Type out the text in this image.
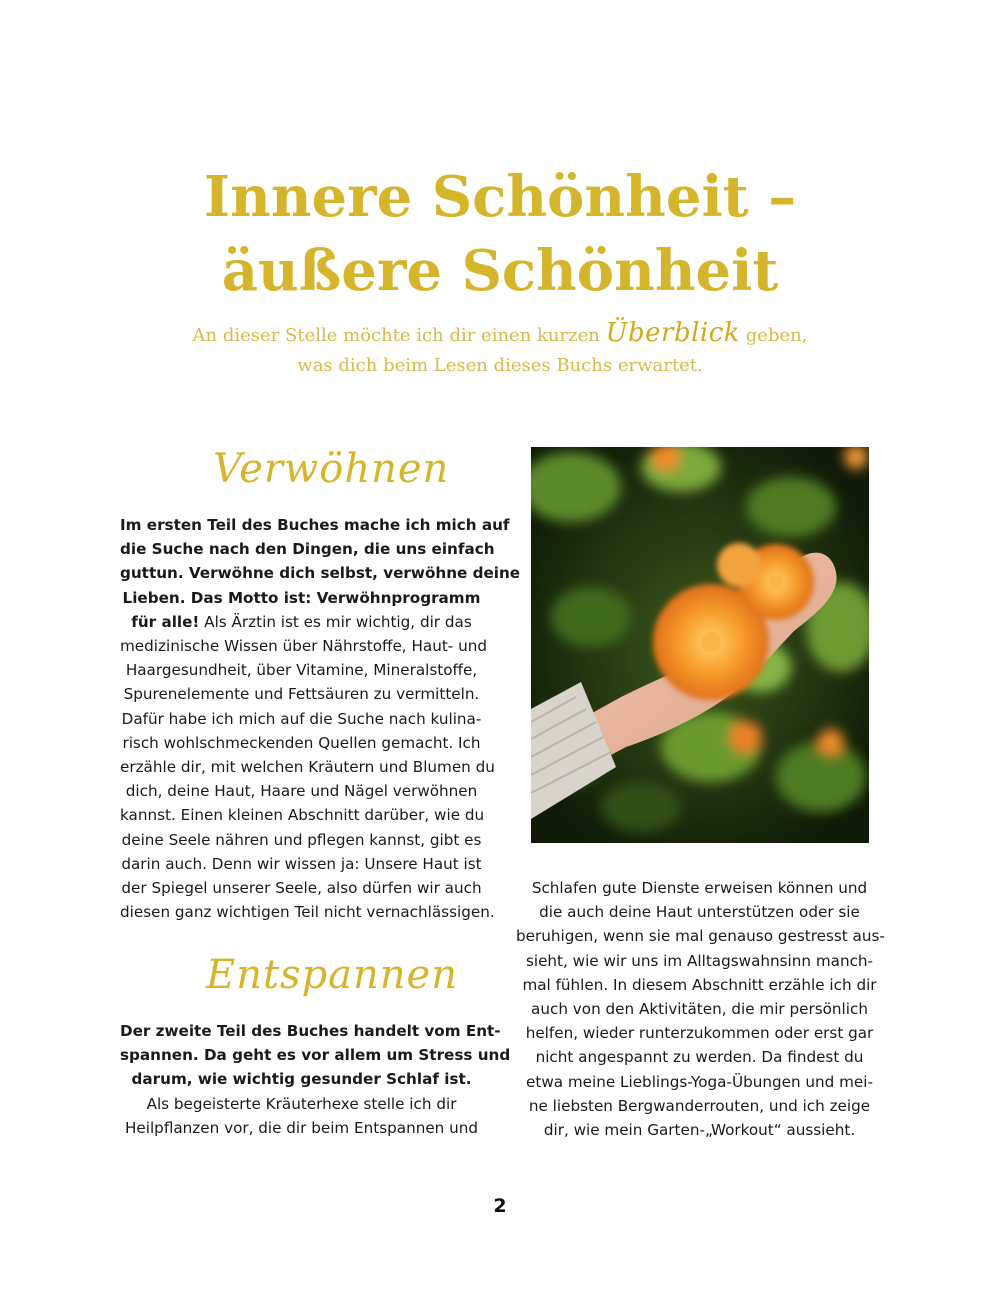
Innere Schönheit –
äußere Schönheit
An dieser Stelle möchte ich dir einen kurzen Überblick geben,
was dich beim Lesen dieses Buchs erwartet.
Verwöhnen
Im ersten Teil des Buches mache ich mich auf
die Suche nach den Dingen, die uns einfach
guttun. Verwöhne dich selbst, verwöhne deine
Lieben. Das Motto ist: Verwöhnprogramm
für alle! Als Ärztin ist es mir wichtig, dir das
medizinische Wissen über Nährstoffe, Haut- und
Haargesundheit, über Vitamine, Mineralstoffe,
Spurenelemente und Fettsäuren zu vermitteln.
Dafür habe ich mich auf die Suche nach kulina-
risch wohlschmeckenden Quellen gemacht. Ich
erzähle dir, mit welchen Kräutern und Blumen du
dich, deine Haut, Haare und Nägel verwöhnen
kannst. Einen kleinen Abschnitt darüber, wie du
deine Seele nähren und pflegen kannst, gibt es
darin auch. Denn wir wissen ja: Unsere Haut ist
der Spiegel unserer Seele, also dürfen wir auch
diesen ganz wichtigen Teil nicht vernachlässigen.
Entspannen
Der zweite Teil des Buches handelt vom Ent-
spannen. Da geht es vor allem um Stress und
darum, wie wichtig gesunder Schlaf ist.
Als begeisterte Kräuterhexe stelle ich dir
Heilpflanzen vor, die dir beim Entspannen und
Schlafen gute Dienste erweisen können und
die auch deine Haut unterstützen oder sie
beruhigen, wenn sie mal genauso gestresst aus-
sieht, wie wir uns im Alltagswahnsinn manch-
mal fühlen. In diesem Abschnitt erzähle ich dir
auch von den Aktivitäten, die mir persönlich
helfen, wieder runterzukommen oder erst gar
nicht angespannt zu werden. Da findest du
etwa meine Lieblings-Yoga-Übungen und mei-
ne liebsten Bergwanderrouten, und ich zeige
dir, wie mein Garten-„Workout“ aussieht.
2
